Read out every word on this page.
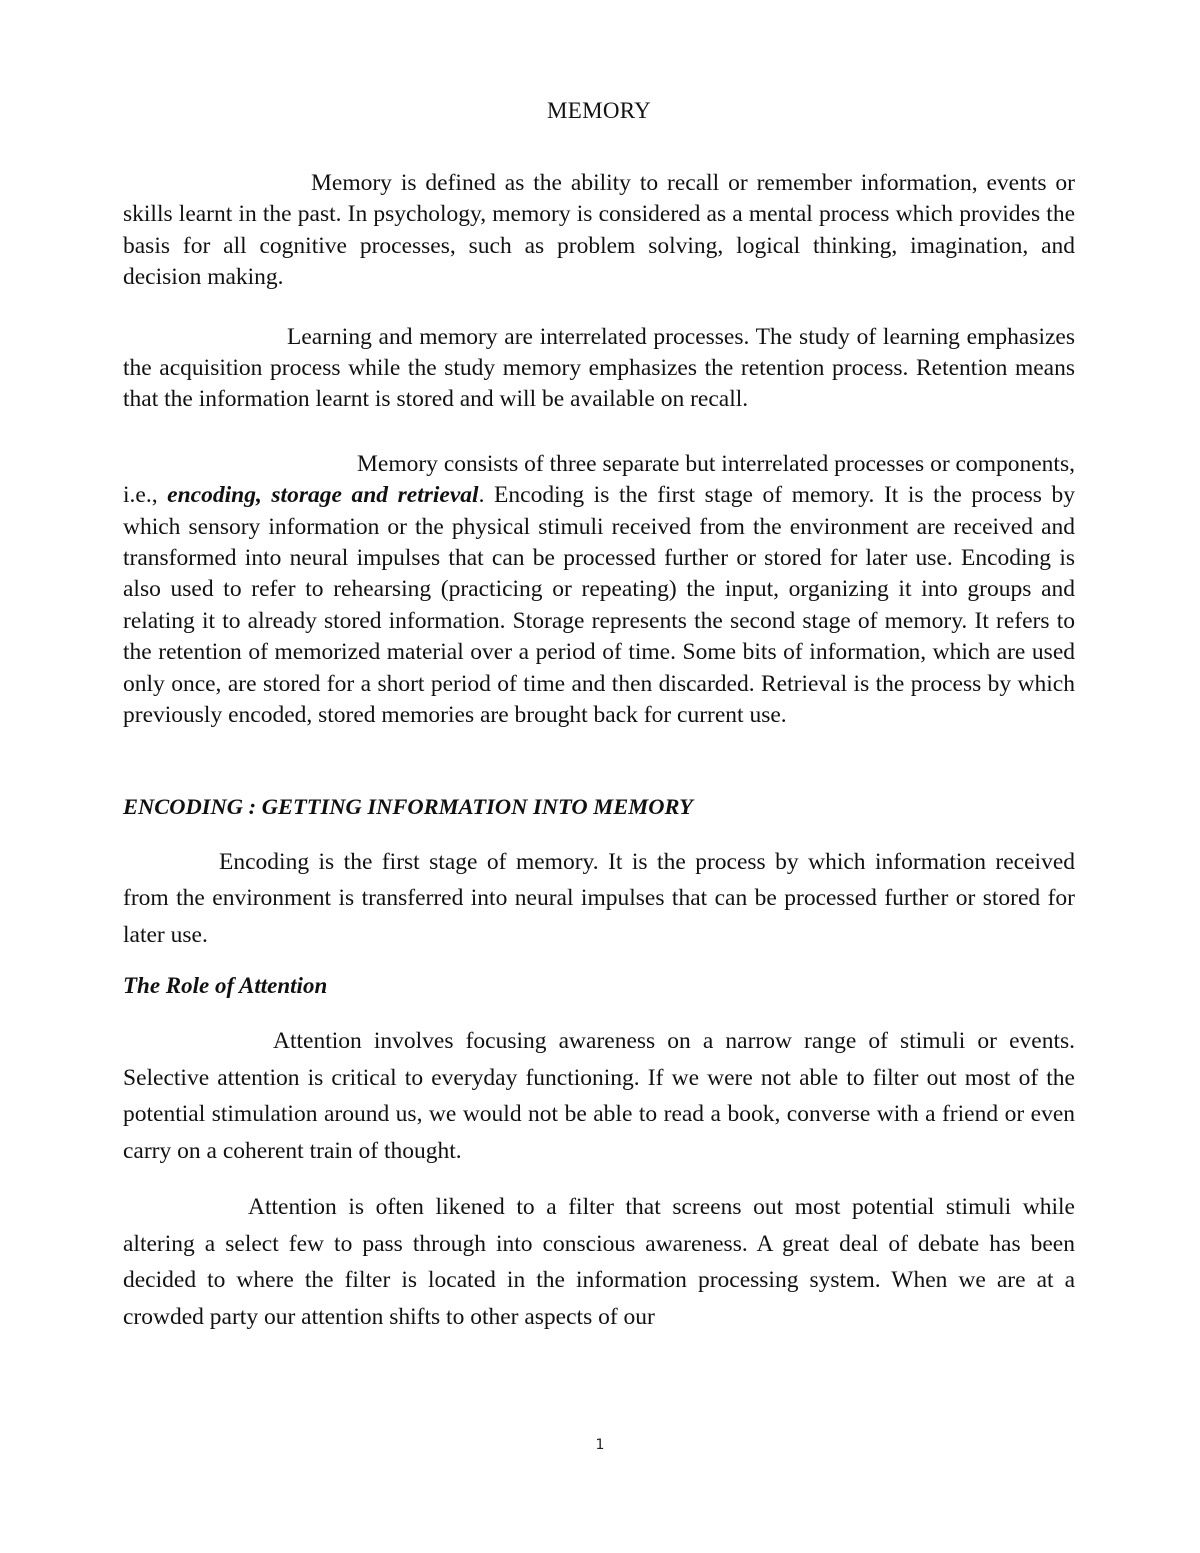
MEMORY

Memory is defined as the ability to recall or remember information, events or skills learnt in the past. In psychology, memory is considered as a mental process which provides the basis for all cognitive processes, such as problem solving, logical thinking, imagination, and decision making.

Learning and memory are interrelated processes. The study of learning emphasizes the acquisition process while the study memory emphasizes the retention process. Retention means that the information learnt is stored and will be available on recall.

Memory consists of three separate but interrelated processes or components, i.e., encoding, storage and retrieval. Encoding is the first stage of memory. It is the process by which sensory information or the physical stimuli received from the environment are received and transformed into neural impulses that can be processed further or stored for later use. Encoding is also used to refer to rehearsing (practicing or repeating) the input, organizing it into groups and relating it to already stored information. Storage represents the second stage of memory. It refers to the retention of memorized material over a period of time. Some bits of information, which are used only once, are stored for a short period of time and then discarded. Retrieval is the process by which previously encoded, stored memories are brought back for current use.

ENCODING : GETTING INFORMATION INTO MEMORY

Encoding is the first stage of memory. It is the process by which information received from the environment is transferred into neural impulses that can be processed further or stored for later use.

The Role of Attention

Attention involves focusing awareness on a narrow range of stimuli or events. Selective attention is critical to everyday functioning. If we were not able to filter out most of the potential stimulation around us, we would not be able to read a book, converse with a friend or even carry on a coherent train of thought.

Attention is often likened to a filter that screens out most potential stimuli while altering a select few to pass through into conscious awareness. A great deal of debate has been decided to where the filter is located in the information processing system. When we are at a crowded party our attention shifts to other aspects of our

1
